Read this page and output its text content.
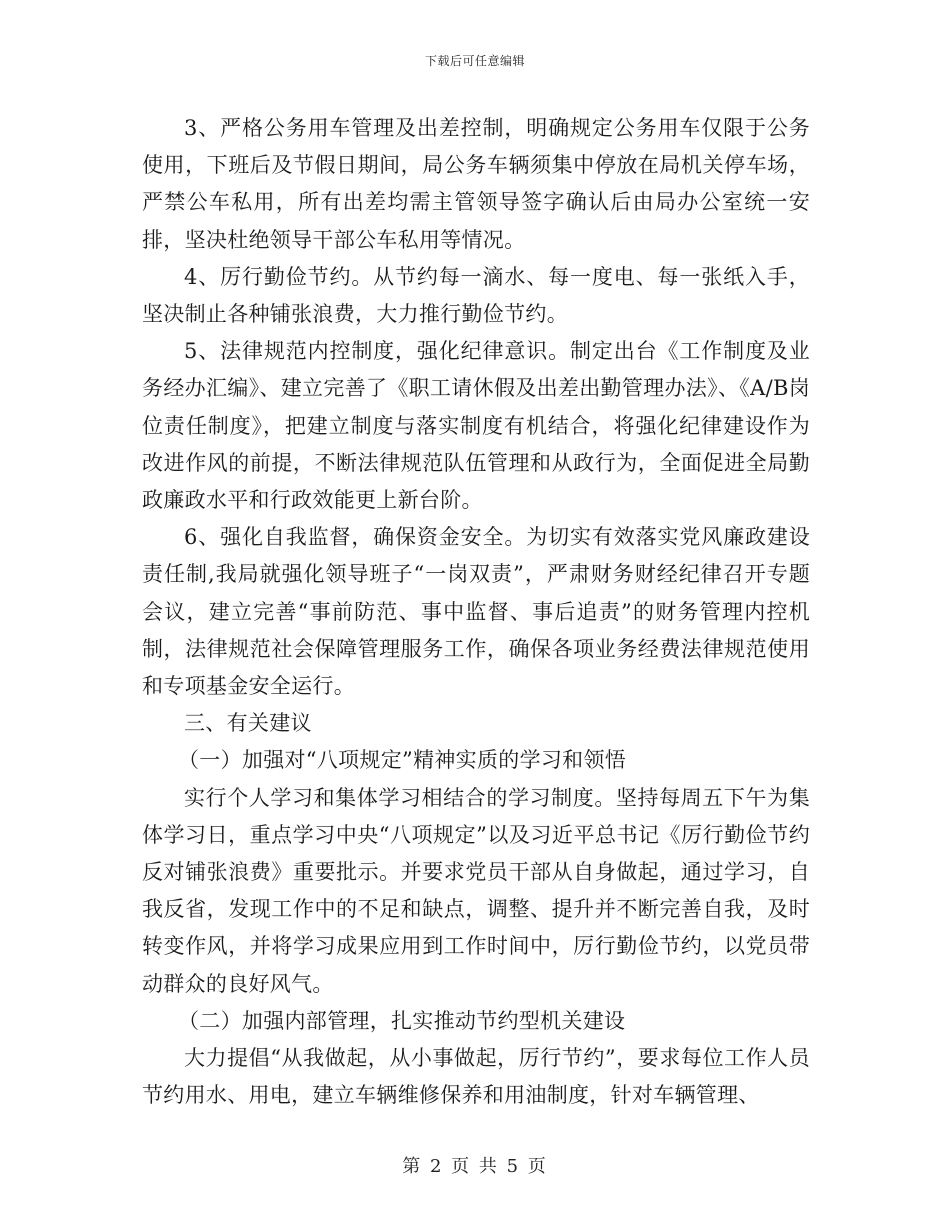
下载后可任意编辑

3、严格公务用车管理及出差控制，明确规定公务用车仅限于公务使用，下班后及节假日期间，局公务车辆须集中停放在局机关停车场，严禁公车私用，所有出差均需主管领导签字确认后由局办公室统一安排，坚决杜绝领导干部公车私用等情况。

4、厉行勤俭节约。从节约每一滴水、每一度电、每一张纸入手，坚决制止各种铺张浪费，大力推行勤俭节约。

5、法律规范内控制度，强化纪律意识。制定出台《工作制度及业务经办汇编》、建立完善了《职工请休假及出差出勤管理办法》、《A/B岗位责任制度》，把建立制度与落实制度有机结合，将强化纪律建设作为改进作风的前提，不断法律规范队伍管理和从政行为，全面促进全局勤政廉政水平和行政效能更上新台阶。

6、强化自我监督，确保资金安全。为切实有效落实党风廉政建设责任制,我局就强化领导班子“一岗双责”，严肃财务财经纪律召开专题会议，建立完善“事前防范、事中监督、事后追责”的财务管理内控机制，法律规范社会保障管理服务工作，确保各项业务经费法律规范使用和专项基金安全运行。

三、有关建议

（一）加强对“八项规定”精神实质的学习和领悟

实行个人学习和集体学习相结合的学习制度。坚持每周五下午为集体学习日，重点学习中央“八项规定”以及习近平总书记《厉行勤俭节约反对铺张浪费》重要批示。并要求党员干部从自身做起，通过学习，自我反省，发现工作中的不足和缺点，调整、提升并不断完善自我，及时转变作风，并将学习成果应用到工作时间中，厉行勤俭节约，以党员带动群众的良好风气。

（二）加强内部管理，扎实推动节约型机关建设

大力提倡“从我做起，从小事做起，厉行节约”，要求每位工作人员节约用水、用电，建立车辆维修保养和用油制度，针对车辆管理、

第 2 页 共 5 页
